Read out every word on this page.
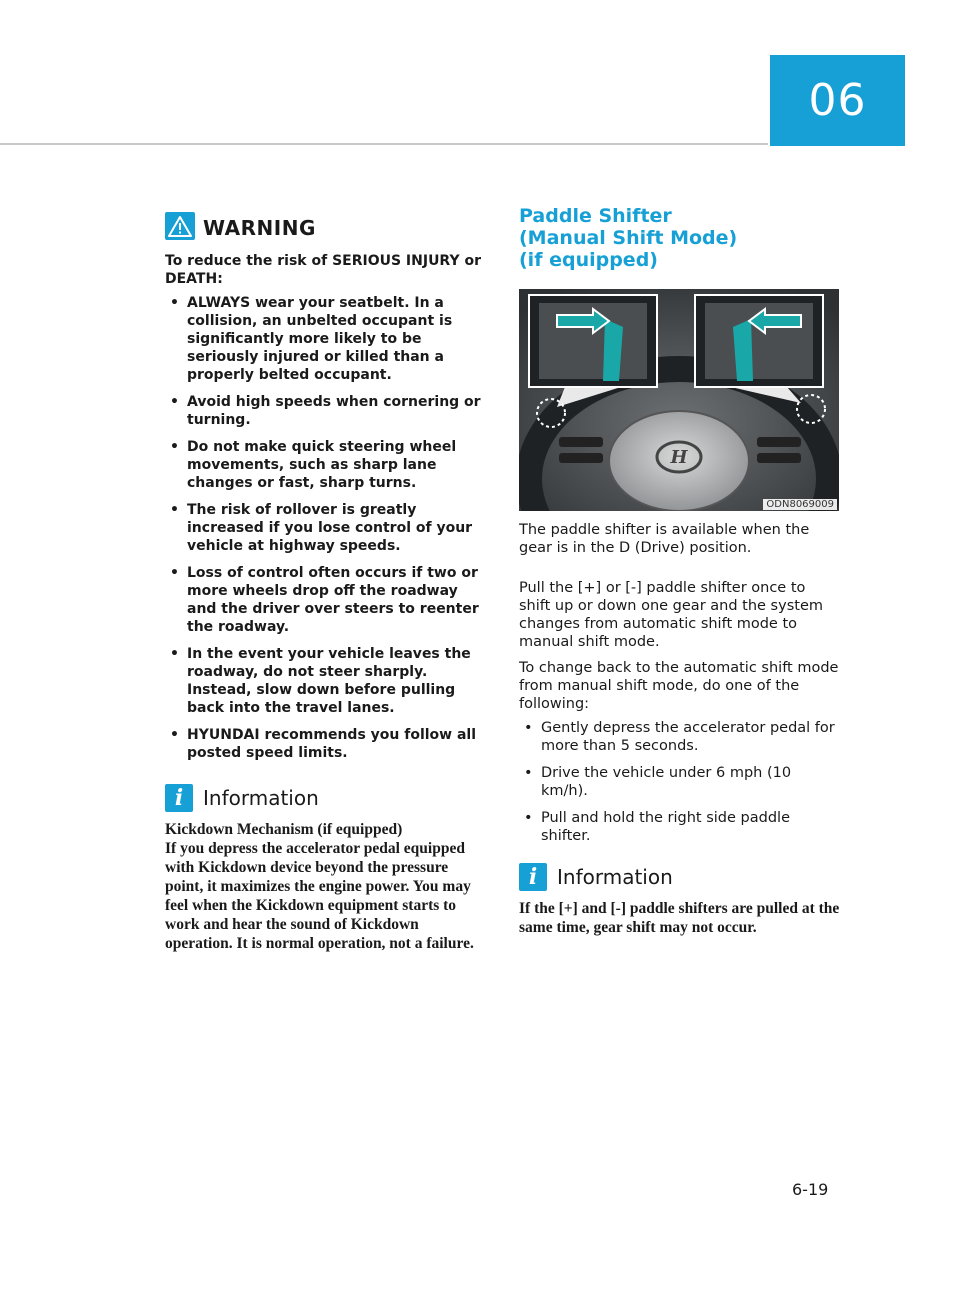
06
WARNING

To reduce the risk of SERIOUS INJURY or DEATH:

• ALWAYS wear your seatbelt. In a collision, an unbelted occupant is significantly more likely to be seriously injured or killed than a properly belted occupant.
• Avoid high speeds when cornering or turning.
• Do not make quick steering wheel movements, such as sharp lane changes or fast, sharp turns.
• The risk of rollover is greatly increased if you lose control of your vehicle at highway speeds.
• Loss of control often occurs if two or more wheels drop off the roadway and the driver over steers to reenter the roadway.
• In the event your vehicle leaves the roadway, do not steer sharply. Instead, slow down before pulling back into the travel lanes.
• HYUNDAI recommends you follow all posted speed limits.
i Information

Kickdown Mechanism (if equipped)

If you depress the accelerator pedal equipped with Kickdown device beyond the pressure point, it maximizes the engine power. You may feel when the Kickdown equipment starts to work and hear the sound of Kickdown operation. It is normal operation, not a failure.

Paddle Shifter
(Manual Shift Mode)
(if equipped)
H
ODN8069009

The paddle shifter is available when the gear is in the D (Drive) position.

Pull the [+] or [-] paddle shifter once to shift up or down one gear and the system changes from automatic shift mode to manual shift mode.

To change back to the automatic shift mode from manual shift mode, do one of the following:

• Gently depress the accelerator pedal for more than 5 seconds.
• Drive the vehicle under 6 mph (10 km/h).
• Pull and hold the right side paddle shifter.
i Information

If the [+] and [-] paddle shifters are pulled at the same time, gear shift may not occur.

6-19
